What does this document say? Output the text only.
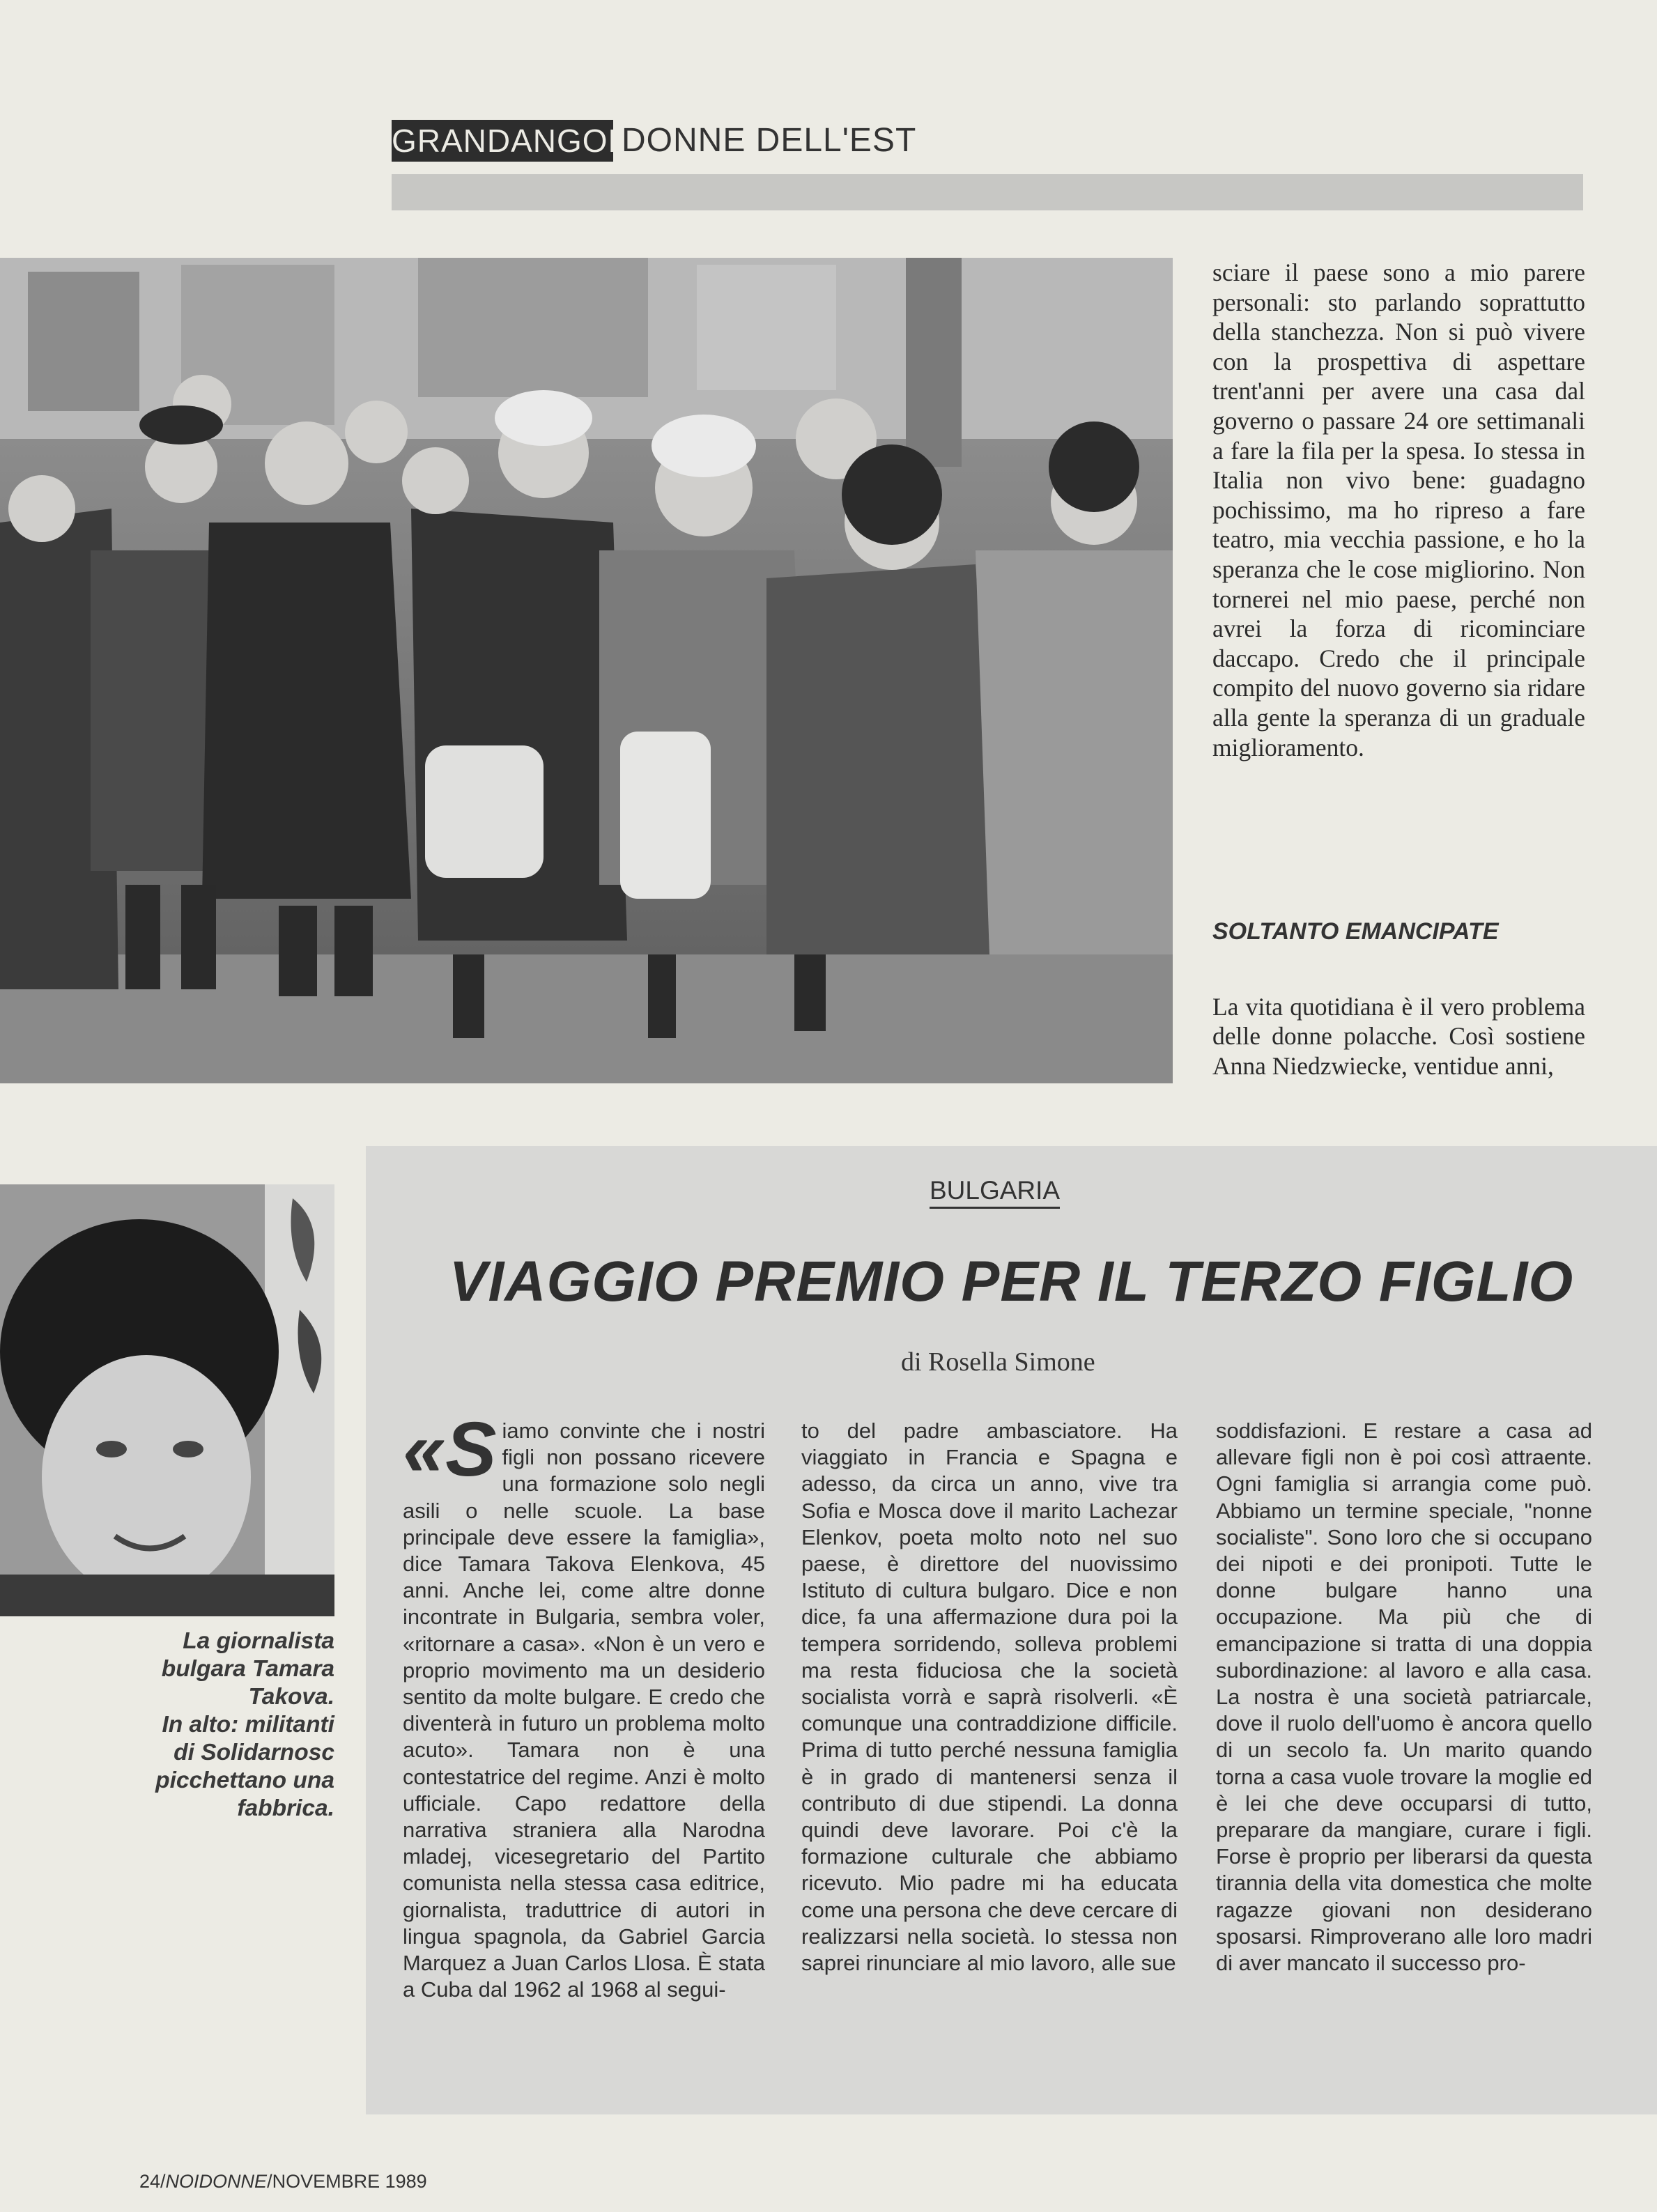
GRANDANGOLO
DONNE DELL'EST

sciare il paese sono a mio parere personali: sto parlando soprattutto della stanchezza. Non si può vivere con la prospettiva di aspettare trent'anni per avere una casa dal governo o passare 24 ore settimanali a fare la fila per la spesa. Io stessa in Italia non vivo bene: guadagno pochissimo, ma ho ripreso a fare teatro, mia vecchia passione, e ho la speranza che le cose migliorino. Non tornerei nel mio paese, perché non avrei la forza di ricominciare daccapo. Credo che il principale compito del nuovo governo sia ridare alla gente la speranza di un graduale miglioramento.

SOLTANTO EMANCIPATE

La vita quotidiana è il vero problema delle donne polacche. Così sostiene Anna Niedzwiecke, ventidue anni,

La giornalista
bulgara Tamara
Takova.
In alto: militanti
di Solidarnosc
picchettano una
fabbrica.
BULGARIA
VIAGGIO PREMIO PER IL TERZO FIGLIO
di Rosella Simone
«S iamo convinte che i nostri figli non possano ricevere una formazione solo negli asili o nelle scuole. La base principale deve essere la famiglia», dice Tamara Takova Elenkova, 45 anni. Anche lei, come altre donne incontrate in Bulgaria, sembra voler, «ritornare a casa». «Non è un vero e proprio movimento ma un desiderio sentito da molte bulgare. E credo che diventerà in futuro un problema molto acuto». Tamara non è una contestatrice del regime. Anzi è molto ufficiale. Capo redattore della narrativa straniera alla Narodna mladej, vicesegretario del Partito comunista nella stessa casa editrice, giornalista, traduttrice di autori in lingua spagnola, da Gabriel Garcia Marquez a Juan Carlos Llosa. È stata a Cuba dal 1962 al 1968 al segui-

to del padre ambasciatore. Ha viaggiato in Francia e Spagna e adesso, da circa un anno, vive tra Sofia e Mosca dove il marito Lachezar Elenkov, poeta molto noto nel suo paese, è direttore del nuovissimo Istituto di cultura bulgaro. Dice e non dice, fa una affermazione dura poi la tempera sorridendo, solleva problemi ma resta fiduciosa che la società socialista vorrà e saprà risolverli. «È comunque una contraddizione difficile. Prima di tutto perché nessuna famiglia è in grado di mantenersi senza il contributo di due stipendi. La donna quindi deve lavorare. Poi c'è la formazione culturale che abbiamo ricevuto. Mio padre mi ha educata come una persona che deve cercare di realizzarsi nella società. Io stessa non saprei rinunciare al mio lavoro, alle sue

soddisfazioni. E restare a casa ad allevare figli non è poi così attraente. Ogni famiglia si arrangia come può. Abbiamo un termine speciale, "nonne socialiste". Sono loro che si occupano dei nipoti e dei pronipoti. Tutte le donne bulgare hanno una occupazione. Ma più che di emancipazione si tratta di una doppia subordinazione: al lavoro e alla casa. La nostra è una società patriarcale, dove il ruolo dell'uomo è ancora quello di un secolo fa. Un marito quando torna a casa vuole trovare la moglie ed è lei che deve occuparsi di tutto, preparare da mangiare, curare i figli. Forse è proprio per liberarsi da questa tirannia della vita domestica che molte ragazze giovani non desiderano sposarsi. Rimproverano alle loro madri di aver mancato il successo pro-

24/NOIDONNE/NOVEMBRE 1989
